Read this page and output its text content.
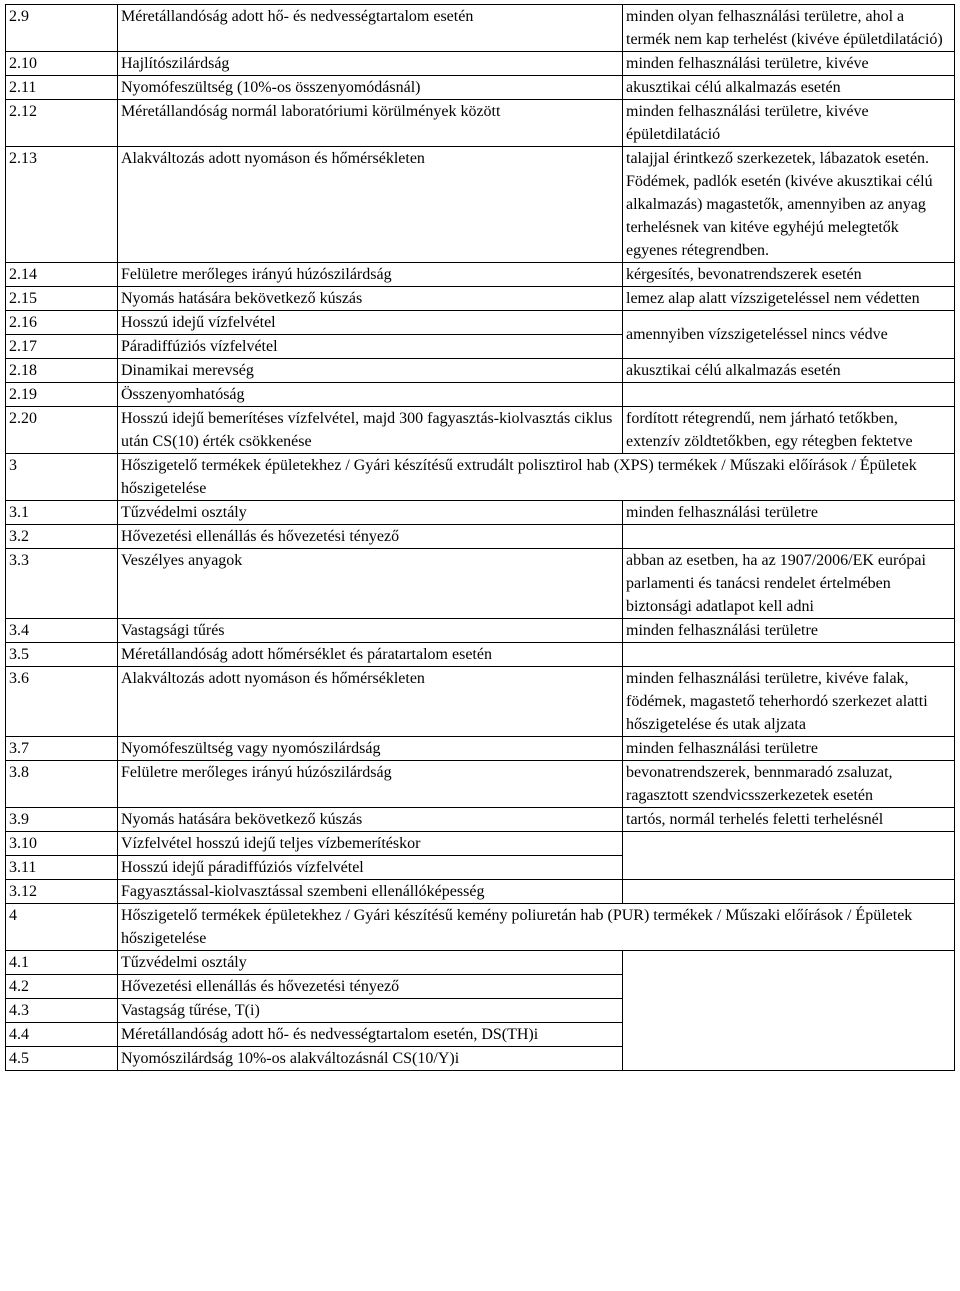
2.9	Méretállandóság adott hő- és nedvességtartalom esetén	minden olyan felhasználási területre, ahol a termék nem kap terhelést (kivéve épületdilatáció)
2.10	Hajlítószilárdság	minden felhasználási területre, kivéve
2.11	Nyomófeszültség (10%-os összenyomódásnál)	akusztikai célú alkalmazás esetén
2.12	Méretállandóság normál laboratóriumi körülmények között	minden felhasználási területre, kivéve épületdilatáció
2.13	Alakváltozás adott nyomáson és hőmérsékleten	talajjal érintkező szerkezetek, lábazatok esetén. Födémek, padlók esetén (kivéve akusztikai célú alkalmazás) magastetők, amennyiben az anyag terhelésnek van kitéve egyhéjú melegtetők egyenes rétegrendben.
2.14	Felületre merőleges irányú húzószilárdság	kérgesítés, bevonatrendszerek esetén
2.15	Nyomás hatására bekövetkező kúszás	lemez alap alatt vízszigeteléssel nem védetten
2.16	Hosszú idejű vízfelvétel	amennyiben vízszigeteléssel nincs védve
2.17	Páradiffúziós vízfelvétel	
2.18	Dinamikai merevség	akusztikai célú alkalmazás esetén
2.19	Összenyomhatóság	
2.20	Hosszú idejű bemerítéses vízfelvétel, majd 300 fagyasztás-kiolvasztás ciklus után CS(10) érték csökkenése	fordított rétegrendű, nem járható tetőkben, extenzív zöldtetőkben, egy rétegben fektetve
3	Hőszigetelő termékek épületekhez / Gyári készítésű extrudált polisztirol hab (XPS) termékek / Műszaki előírások / Épületek hőszigetelése	
3.1	Tűzvédelmi osztály	minden felhasználási területre
3.2	Hővezetési ellenállás és hővezetési tényező	
3.3	Veszélyes anyagok	abban az esetben, ha az 1907/2006/EK európai parlamenti és tanácsi rendelet értelmében biztonsági adatlapot kell adni
3.4	Vastagsági tűrés	minden felhasználási területre
3.5	Méretállandóság adott hőmérséklet és páratartalom esetén	
3.6	Alakváltozás adott nyomáson és hőmérsékleten	minden felhasználási területre, kivéve falak, födémek, magastető teherhordó szerkezet alatti hőszigetelése és utak aljzata
3.7	Nyomófeszültség vagy nyomószilárdság	minden felhasználási területre
3.8	Felületre merőleges irányú húzószilárdság	bevonatrendszerek, bennmaradó zsaluzat, ragasztott szendvicsszerkezetek esetén
3.9	Nyomás hatására bekövetkező kúszás	tartós, normál terhelés feletti terhelésnél
3.10	Vízfelvétel hosszú idejű teljes vízbemerítéskor	
3.11	Hosszú idejű páradiffúziós vízfelvétel	
3.12	Fagyasztással-kiolvasztással szembeni ellenállóképesség	
4	Hőszigetelő termékek épületekhez / Gyári készítésű kemény poliuretán hab (PUR) termékek / Műszaki előírások / Épületek hőszigetelése	
4.1	Tűzvédelmi osztály	
4.2	Hővezetési ellenállás és hővezetési tényező	
4.3	Vastagság tűrése, T(i)	
4.4	Méretállandóság adott hő- és nedvességtartalom esetén, DS(TH)i	
4.5	Nyomószilárdság 10%-os alakváltozásnál CS(10/Y)i	
